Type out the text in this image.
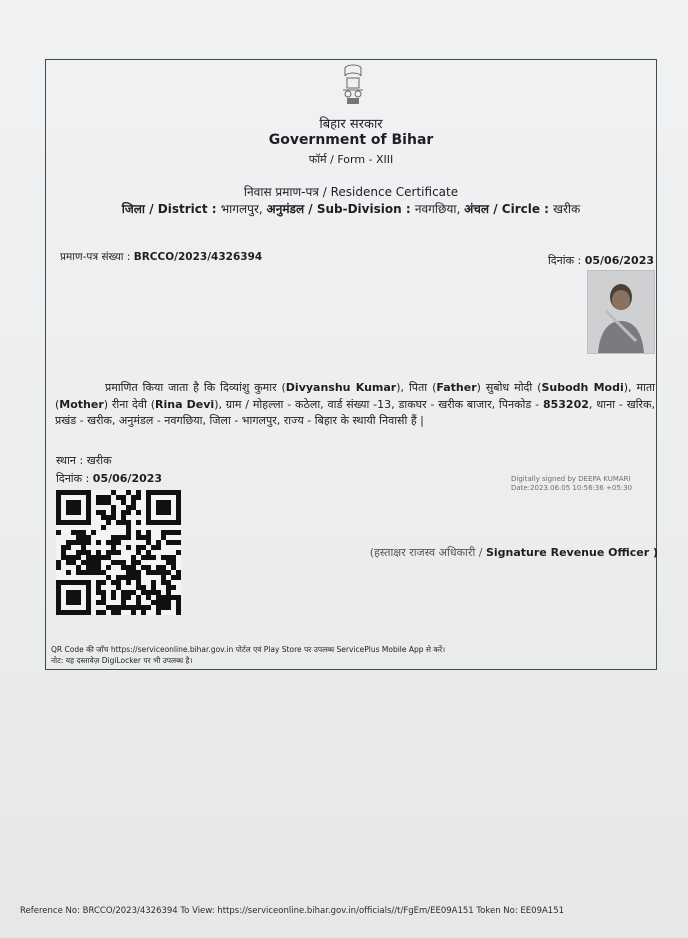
बिहार सरकार
Government of Bihar
फॉर्म / Form - XIII
निवास प्रमाण-पत्र / Residence Certificate
जिला / District : भागलपुर, अनुमंडल / Sub-Division : नवगछिया, अंचल / Circle : खरीक
प्रमाण-पत्र संख्या : BRCCO/2023/4326394	दिनांक : 05/06/2023
प्रमाणित किया जाता है कि दिव्यांशु कुमार (Divyanshu Kumar), पिता (Father) सुबोध मोदी (Subodh Modi), माता (Mother) रीना देवी (Rina Devi), ग्राम / मोहल्ला - कठेला, वार्ड संख्या -13, डाकघर - खरीक बाजार, पिनकोड - 853202, थाना - खरिक, प्रखंड - खरीक, अनुमंडल - नवगछिया, जिला - भागलपुर, राज्य - बिहार के स्थायी निवासी हैं |
स्थान : खरीक
दिनांक : 05/06/2023	Digitally signed by DEEPA KUMARI
Date:2023.06.05 10:56:36 +05:30
(हस्ताक्षर राजस्व अधिकारी / Signature Revenue Officer )
QR Code की जाँच https://serviceonline.bihar.gov.in पोर्टल एवं Play Store पर उपलब्ध ServicePlus Mobile App से करें।
नोट: यह दस्तावेज़ DigiLocker पर भी उपलब्ध है।
Reference No: BRCCO/2023/4326394 To View: https://serviceonline.bihar.gov.in/officials//t/FgEm/EE09A151 Token No: EE09A151
